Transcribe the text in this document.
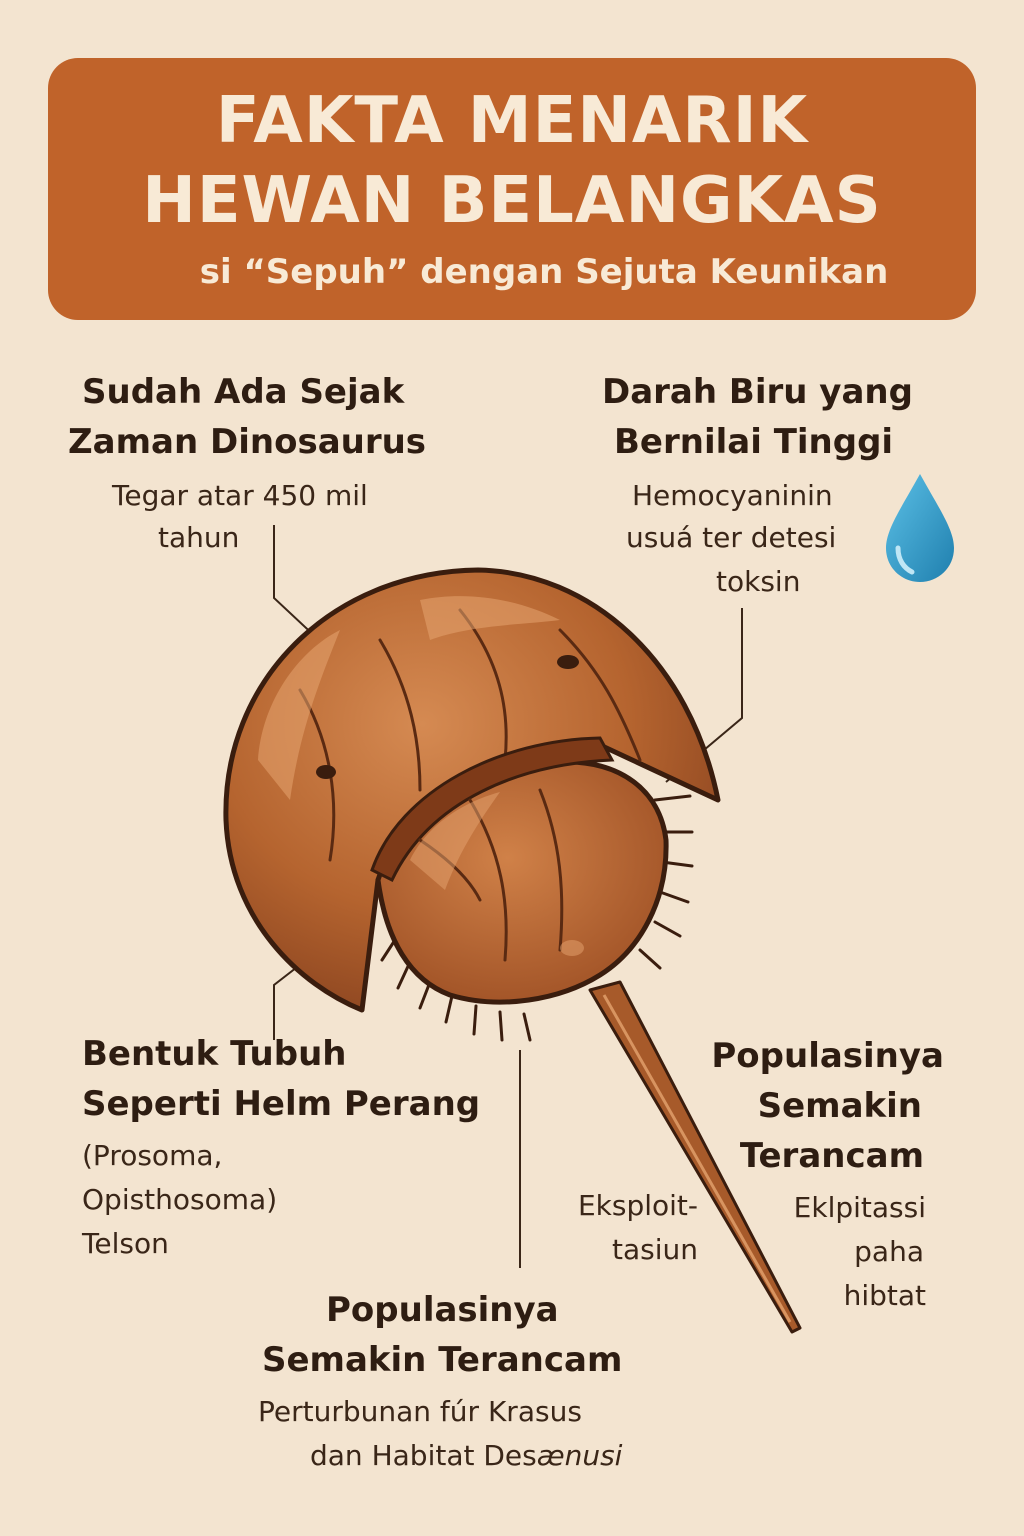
FAKTA MENARIK
HEWAN BELANGKAS
si “Sepuh” dengan Sejuta Keunikan
Sudah Ada Sejak
Zaman Dinosaurus
Tegar atar 450 mil
tahun
Darah Biru yang
Bernilai Tinggi
Hemocyaninin
usuá ter detesi
toksin
Bentuk Tubuh
Seperti Helm Perang
(Prosoma,
Opisthosoma)
Telson
Populasinya
Semakin
Terancam
Eklpitassi
paha
hibtat
Eksploit-
tasiun
Populasinya
Semakin Terancam
Perturbunan fúr Krasus
dan Habitat Desænusi
